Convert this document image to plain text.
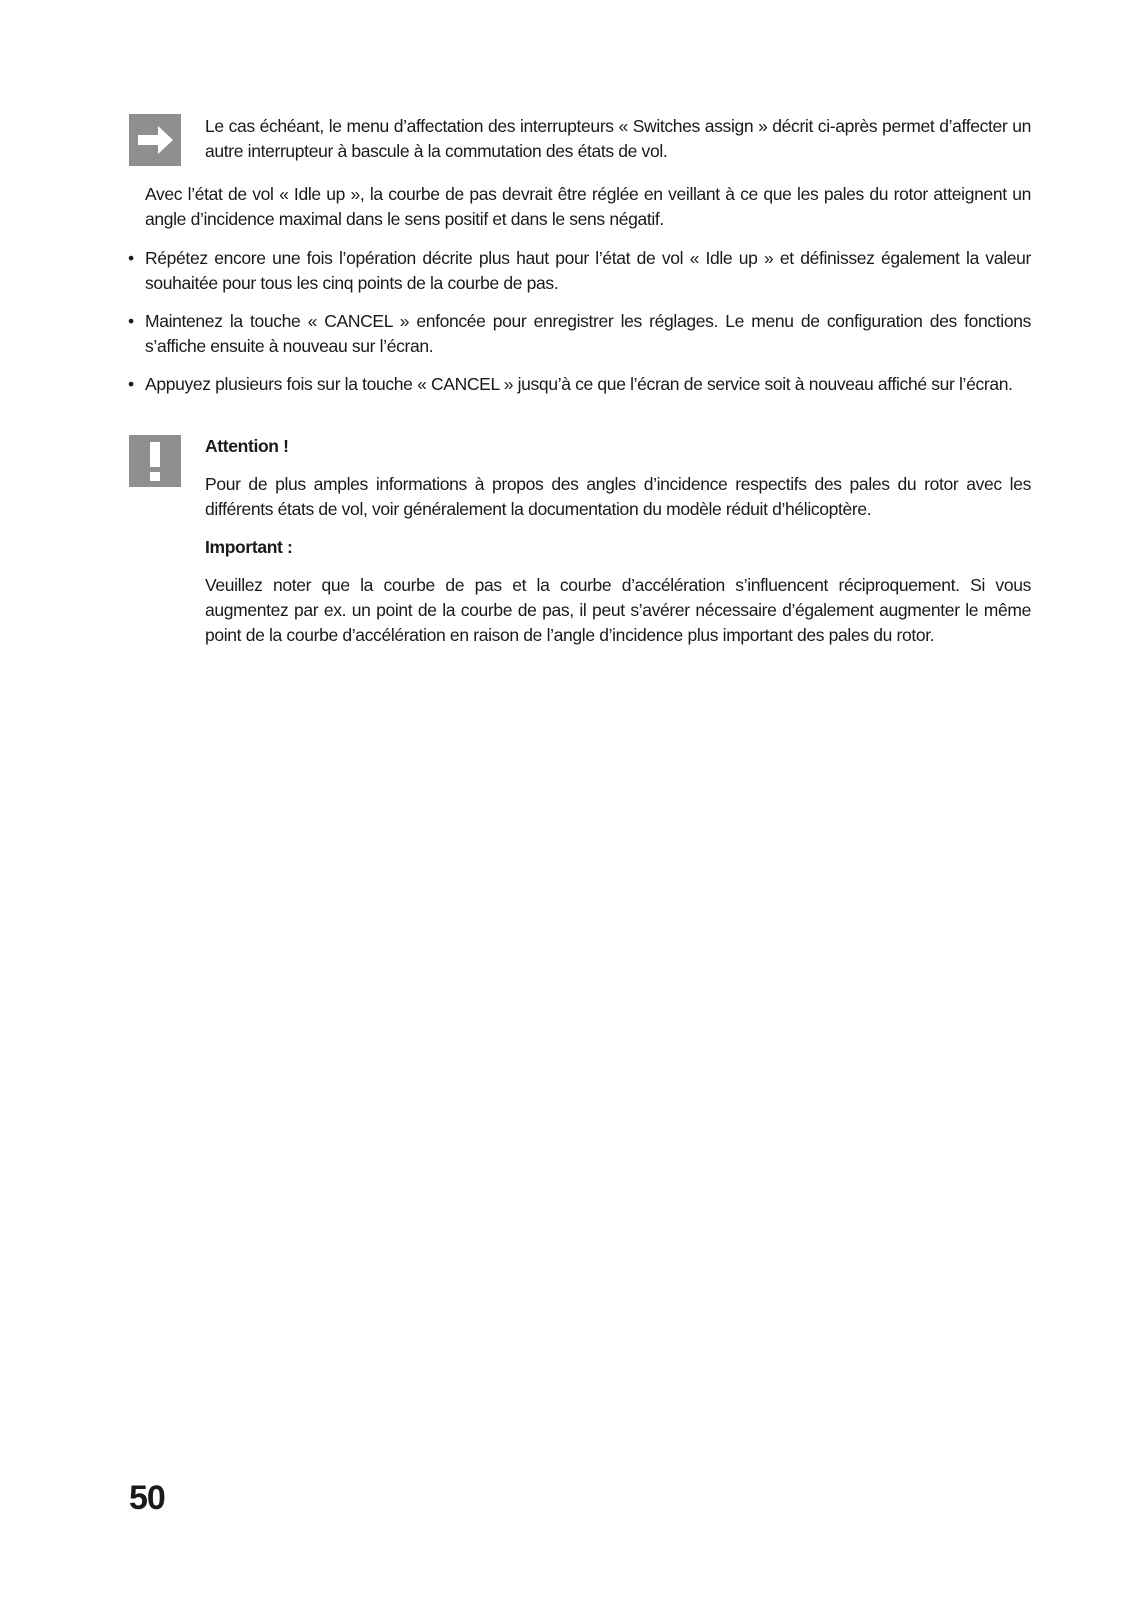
Le cas échéant, le menu d’affectation des interrupteurs « Switches assign » décrit ci-après permet d’affecter un autre interrupteur à bascule à la commutation des états de vol.

Avec l’état de vol « Idle up », la courbe de pas devrait être réglée en veillant à ce que les pales du rotor atteignent un angle d’incidence maximal dans le sens positif et dans le sens négatif.

• Répétez encore une fois l’opération décrite plus haut pour l’état de vol « Idle up » et définissez également la valeur souhaitée pour tous les cinq points de la courbe de pas.

• Maintenez la touche « CANCEL » enfoncée pour enregistrer les réglages. Le menu de configuration des fonctions s’affiche ensuite à nouveau sur l’écran.

• Appuyez plusieurs fois sur la touche « CANCEL » jusqu’à ce que l’écran de service soit à nouveau affiché sur l’écran.

Attention !

Pour de plus amples informations à propos des angles d’incidence respectifs des pales du rotor avec les différents états de vol, voir généralement la documentation du modèle réduit d’hélicoptère.

Important :

Veuillez noter que la courbe de pas et la courbe d’accélération s’influencent réciproquement. Si vous augmentez par ex. un point de la courbe de pas, il peut s’avérer nécessaire d’également augmenter le même point de la courbe d’accélération en raison de l’angle d’incidence plus important des pales du rotor.

50
